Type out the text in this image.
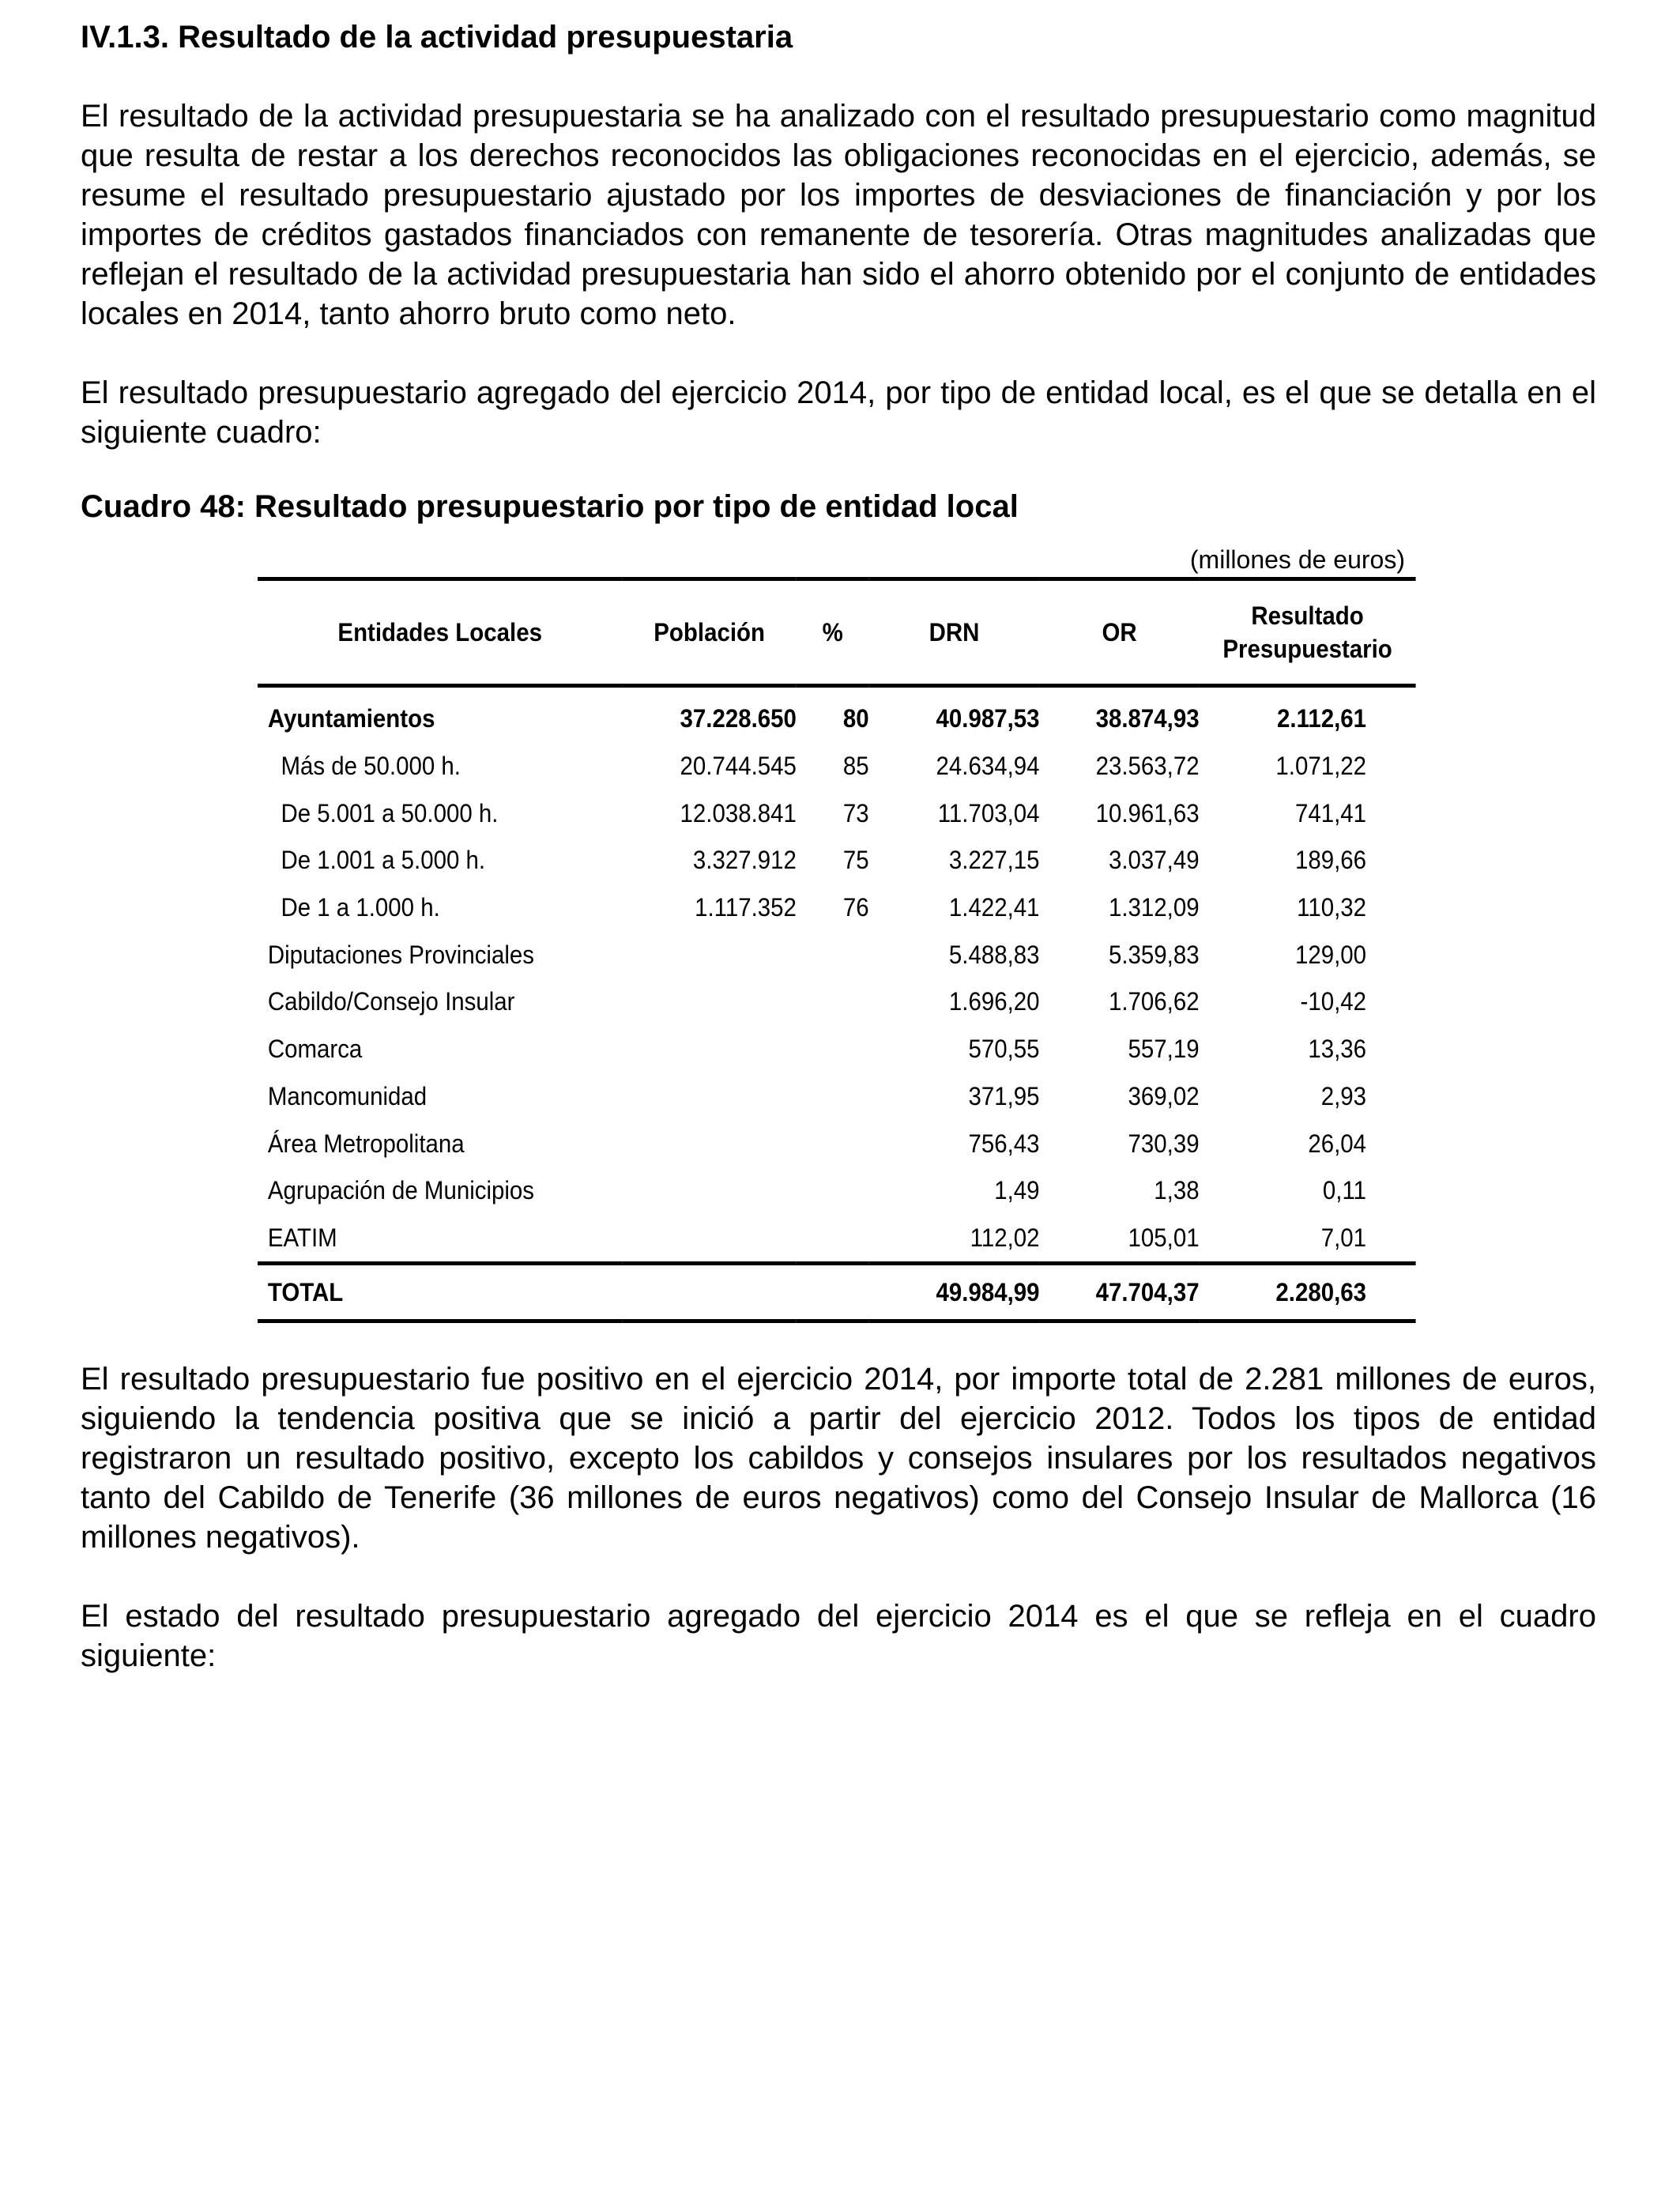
IV.1.3. Resultado de la actividad presupuestaria

El resultado de la actividad presupuestaria se ha analizado con el resultado presupuestario como magnitud que resulta de restar a los derechos reconocidos las obligaciones reconocidas en el ejercicio, además, se resume el resultado presupuestario ajustado por los importes de desviaciones de financiación y por los importes de créditos gastados financiados con remanente de tesorería. Otras magnitudes analizadas que reflejan el resultado de la actividad presupuestaria han sido el ahorro obtenido por el conjunto de entidades locales en 2014, tanto ahorro bruto como neto.

El resultado presupuestario agregado del ejercicio 2014, por tipo de entidad local, es el que se detalla en el siguiente cuadro:

Cuadro 48: Resultado presupuestario por tipo de entidad local

(millones de euros)
Entidades Locales	Población	%	DRN	OR	Resultado
Presupuestario
Ayuntamientos	37.228.650	80	40.987,53	38.874,93	2.112,61
Más de 50.000 h.	20.744.545	85	24.634,94	23.563,72	1.071,22
De 5.001 a 50.000 h.	12.038.841	73	11.703,04	10.961,63	741,41
De 1.001 a 5.000 h.	3.327.912	75	3.227,15	3.037,49	189,66
De 1 a 1.000 h.	1.117.352	76	1.422,41	1.312,09	110,32
Diputaciones Provinciales			5.488,83	5.359,83	129,00
Cabildo/Consejo Insular			1.696,20	1.706,62	-10,42
Comarca			570,55	557,19	13,36
Mancomunidad			371,95	369,02	2,93
Área Metropolitana			756,43	730,39	26,04
Agrupación de Municipios			1,49	1,38	0,11
EATIM			112,02	105,01	7,01
TOTAL			49.984,99	47.704,37	2.280,63

El resultado presupuestario fue positivo en el ejercicio 2014, por importe total de 2.281 millones de euros, siguiendo la tendencia positiva que se inició a partir del ejercicio 2012. Todos los tipos de entidad registraron un resultado positivo, excepto los cabildos y consejos insulares por los resultados negativos tanto del Cabildo de Tenerife (36 millones de euros negativos) como del Consejo Insular de Mallorca (16 millones negativos).

El estado del resultado presupuestario agregado del ejercicio 2014 es el que se refleja en el cuadro siguiente:
